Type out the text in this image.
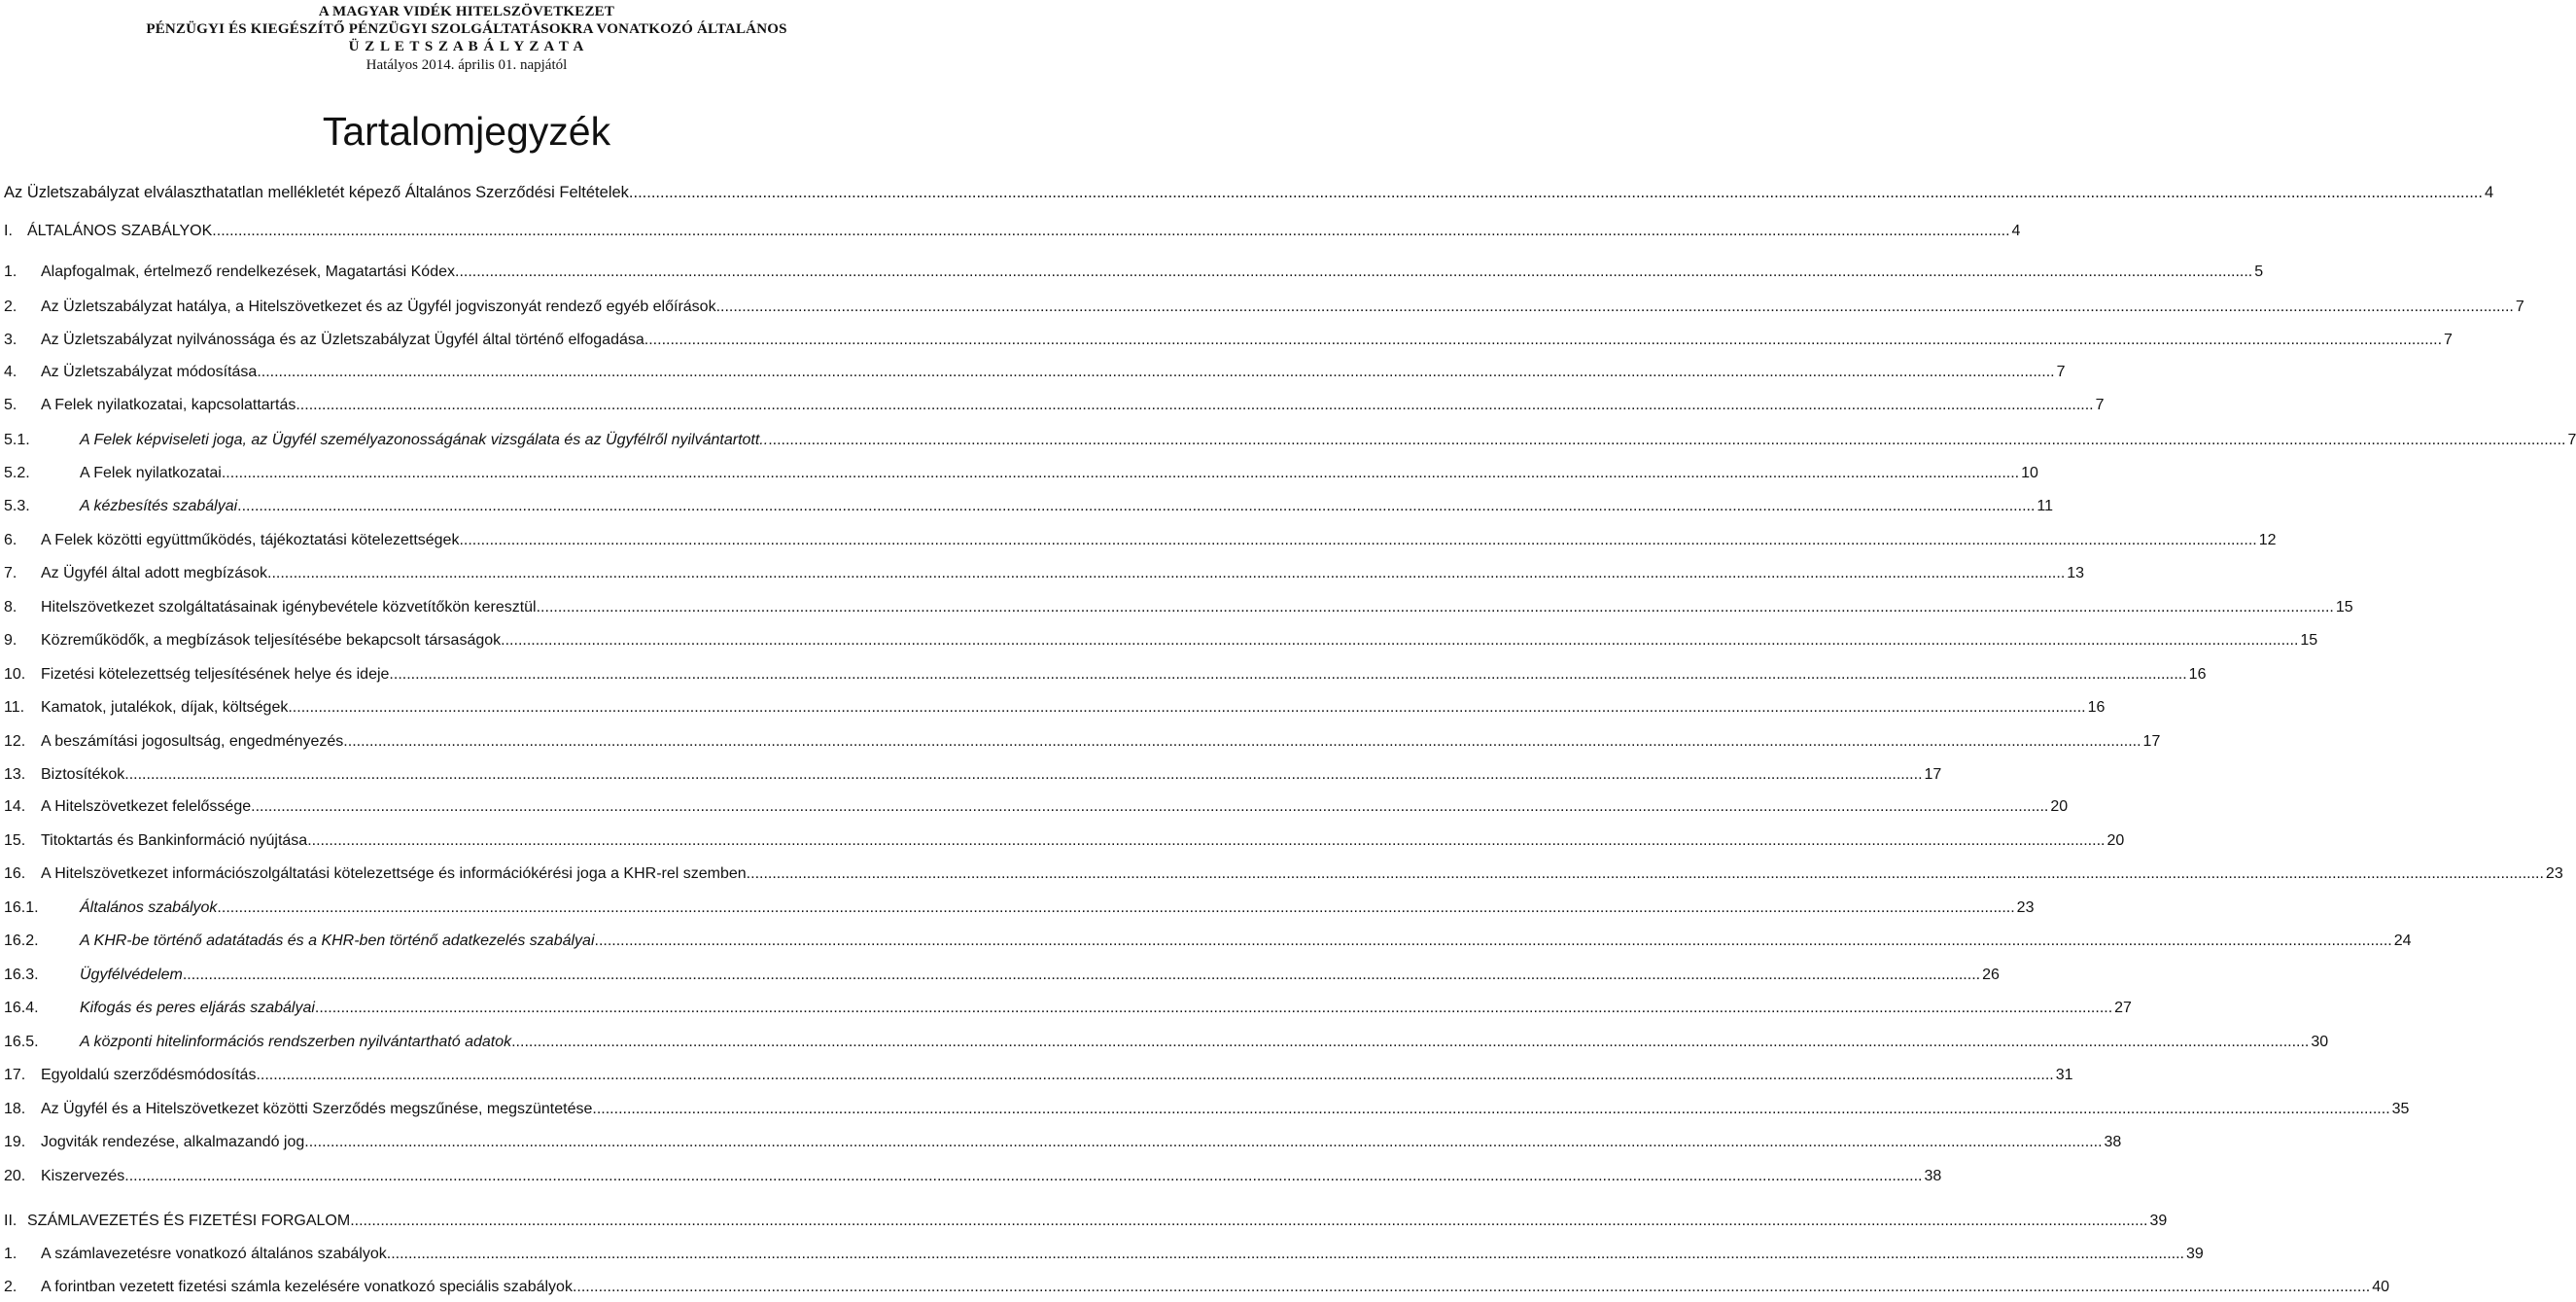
A MAGYAR VIDÉK HITELSZÖVETKEZET
PÉNZÜGYI ÉS KIEGÉSZÍTŐ PÉNZÜGYI SZOLGÁLTATÁSOKRA VONATKOZÓ ÁLTALÁNOS
Ü Z L E T S Z A B Á L Y Z A T A
Hatályos 2014. április 01. napjától
Tartalomjegyzék
Az Üzletszabályzat elválaszthatatlan mellékletét képező Általános Szerződési Feltételek .....	4
I. ÁLTALÁNOS SZABÁLYOK .....	4
1.	Alapfogalmak, értelmező rendelkezések, Magatartási Kódex .....	5
2.	Az Üzletszabályzat hatálya, a Hitelszövetkezet és az Ügyfél jogviszonyát rendező egyéb előírások .....	7
3.	Az Üzletszabályzat nyilvánossága és az Üzletszabályzat Ügyfél által történő elfogadása .....	7
4.	Az Üzletszabályzat módosítása .....	7
5.	A Felek nyilatkozatai, kapcsolattartás .....	7
5.1.	A Felek képviseleti joga, az Ügyfél személyazonosságának vizsgálata és az Ügyfélről nyilvántartott.. .....	7
5.2.	A Felek nyilatkozatai .....	10
5.3.	A kézbesítés szabályai .....	11
6.	A Felek közötti együttműködés, tájékoztatási kötelezettségek .....	12
7.	Az Ügyfél által adott megbízások .....	13
8.	Hitelszövetkezet szolgáltatásainak igénybevétele közvetítőkön keresztül .....	15
9.	Közreműködők, a megbízások teljesítésébe bekapcsolt társaságok .....	15
10. Fizetési kötelezettség teljesítésének helye és ideje .....	16
11.	Kamatok, jutalékok, díjak, költségek .....	16
12. A beszámítási jogosultság, engedményezés .....	17
13. Biztosítékok .....	17
14. A Hitelszövetkezet felelőssége .....	20
15. Titoktartás és Bankinformáció nyújtása .....	20
16. A Hitelszövetkezet információszolgáltatási kötelezettsége és információkérési joga a KHR-rel szemben .....	23
16.1.	Általános szabályok .....	23
16.2.	A KHR-be történő adatátadás és a KHR-ben történő adatkezelés szabályai .....	24
16.3.	Ügyfélvédelem .....	26
16.4.	Kifogás és peres eljárás szabályai .....	27
16.5.	A központi hitelinformációs rendszerben nyilvántartható adatok .....	30
17. Egyoldalú szerződésmódosítás .....	31
18. Az Ügyfél és a Hitelszövetkezet közötti Szerződés megszűnése, megszüntetése .....	35
19. Jogviták rendezése, alkalmazandó jog .....	38
20. Kiszervezés .....	38
II. SZÁMLAVEZETÉS ÉS FIZETÉSI FORGALOM .....	39
1.	A számlavezetésre vonatkozó általános szabályok .....	39
2.	A forintban vezetett fizetési számla kezelésére vonatkozó speciális szabályok .....	40
